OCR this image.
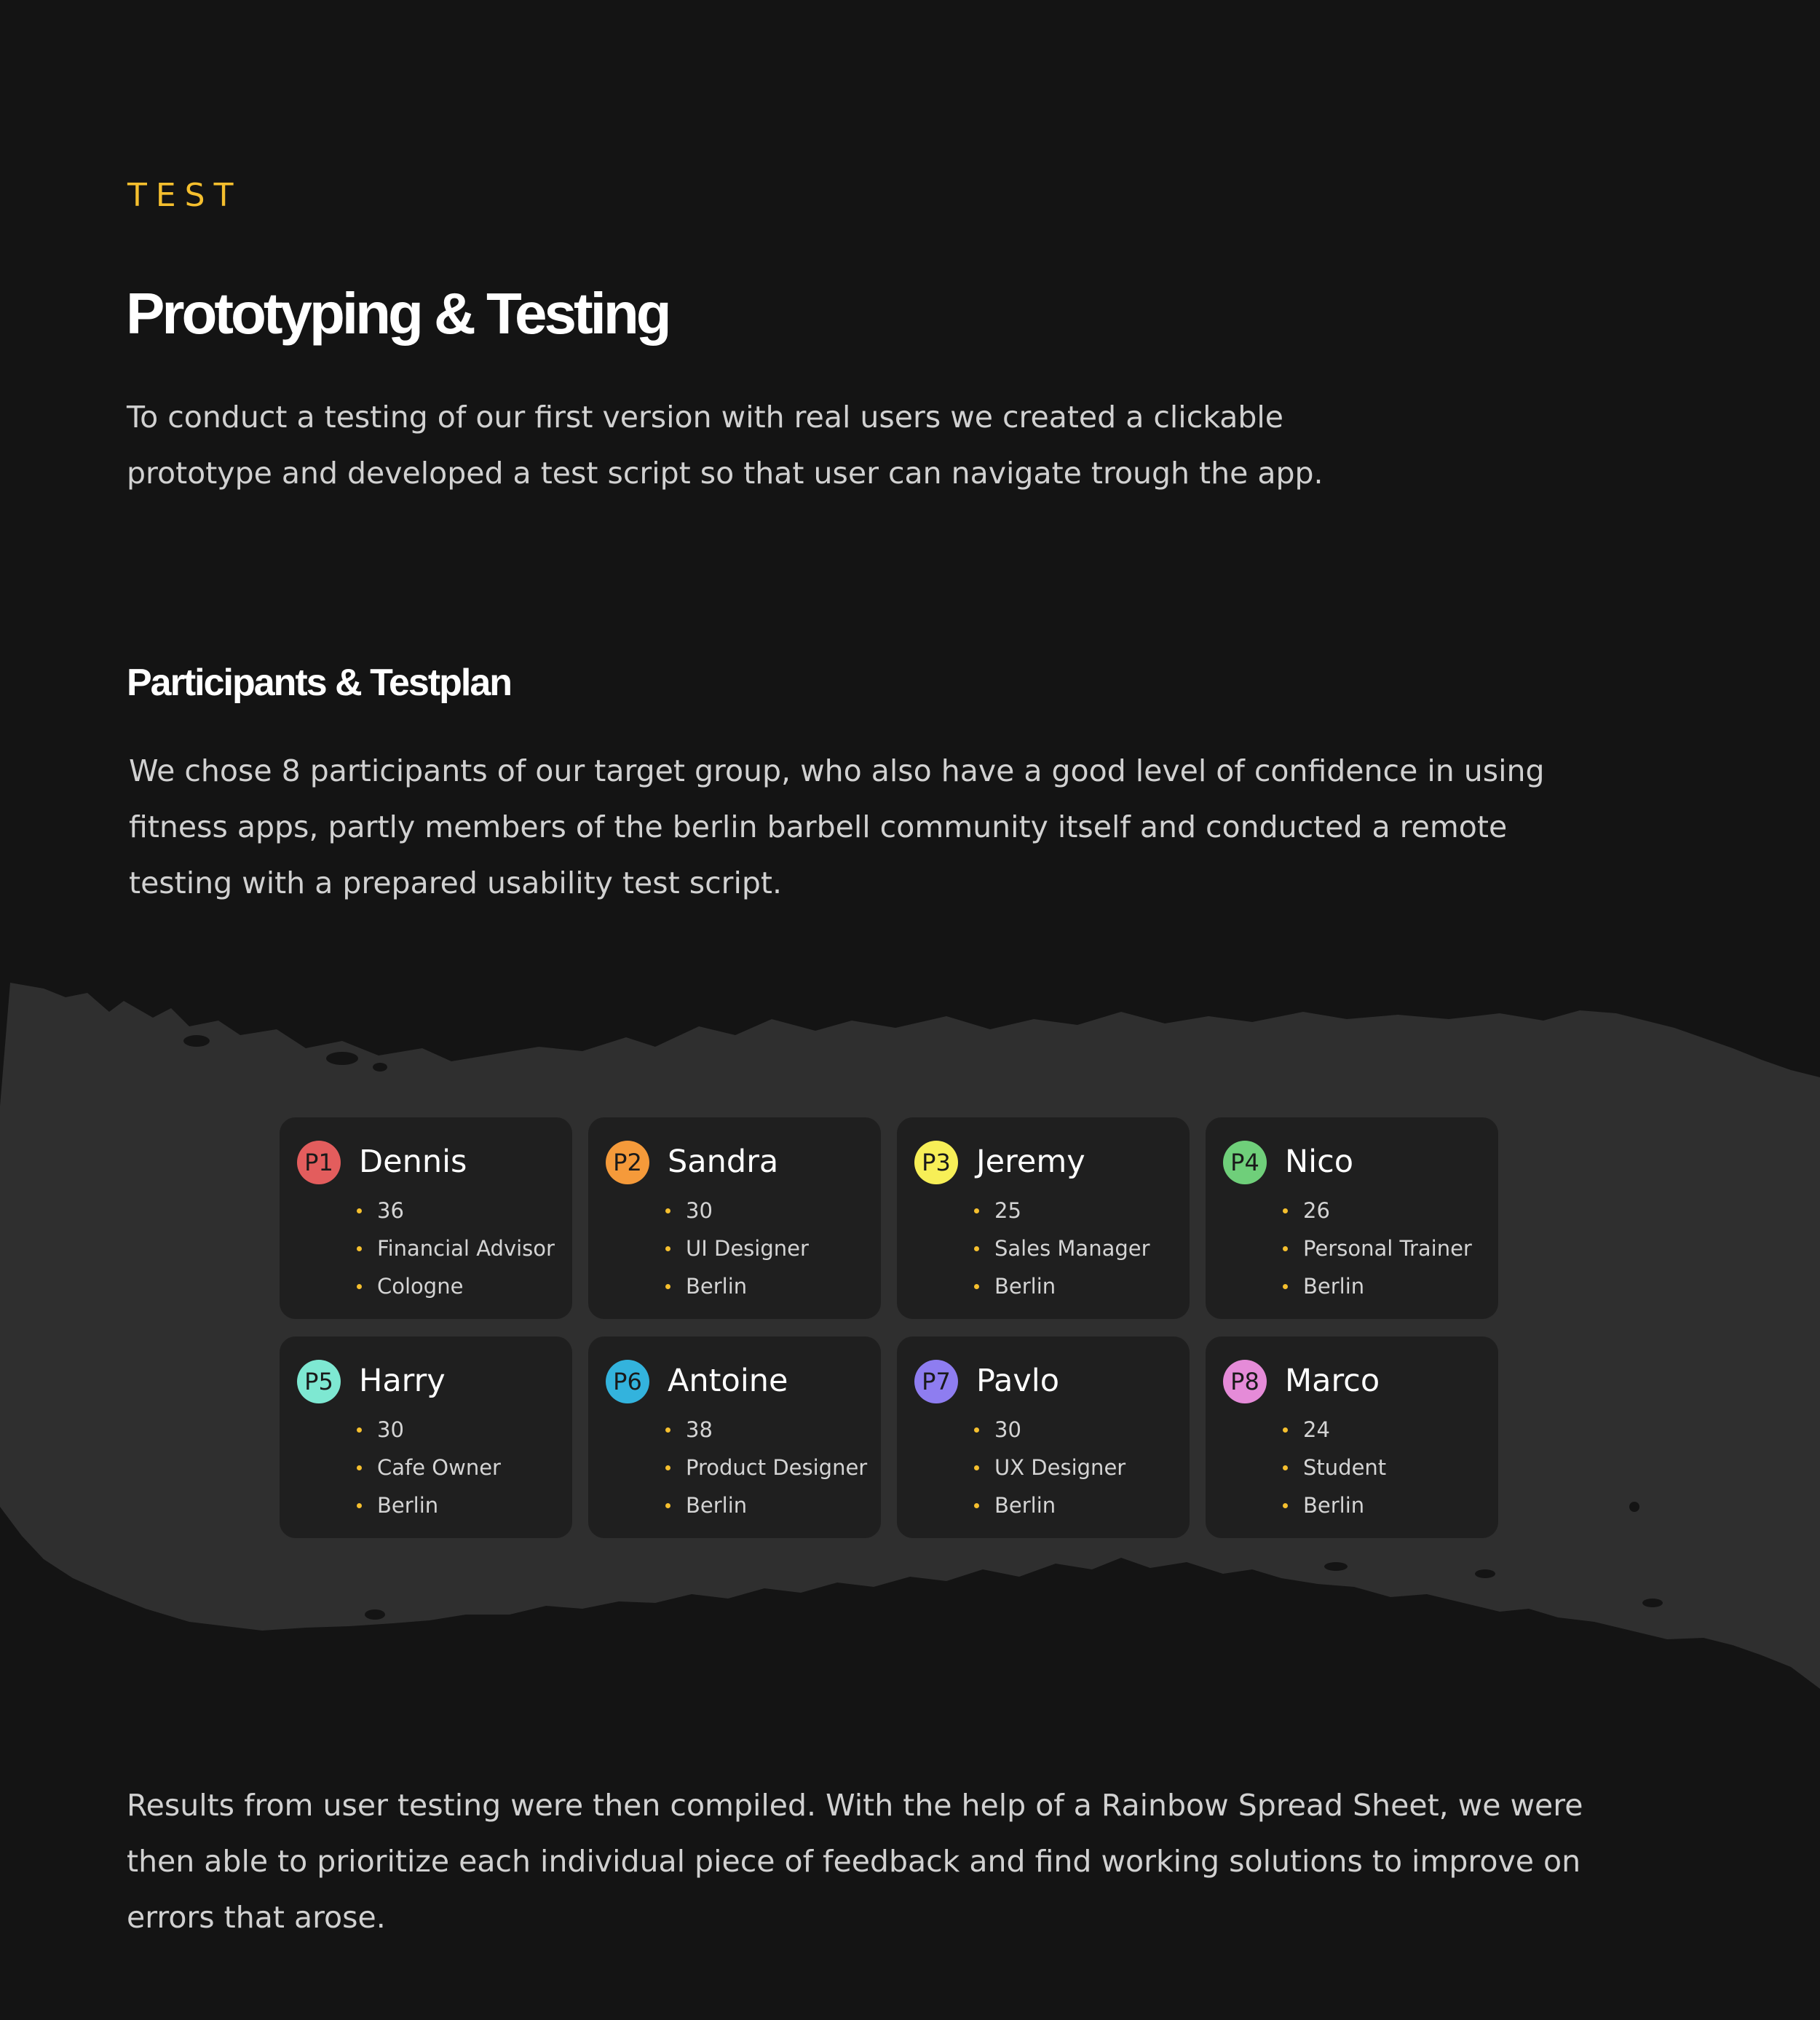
TEST
Prototyping & Testing

To conduct a testing of our first version with real users we created a clickable
prototype and developed a test script so that user can navigate trough the app.

Participants & Testplan

We chose 8 participants of our target group, who also have a good level of confidence in using
fitness apps, partly members of the berlin barbell community itself and conducted a remote
testing with a prepared usability test script.

P1 Dennis
36
Financial Advisor
Cologne
P2 Sandra
30
UI Designer
Berlin
P3 Jeremy
25
Sales Manager
Berlin
P4 Nico
26
Personal Trainer
Berlin
P5 Harry
30
Cafe Owner
Berlin
P6 Antoine
38
Product Designer
Berlin
P7 Pavlo
30
UX Designer
Berlin
P8 Marco
24
Student
Berlin

Results from user testing were then compiled. With the help of a Rainbow Spread Sheet, we were
then able to prioritize each individual piece of feedback and find working solutions to improve on
errors that arose.
